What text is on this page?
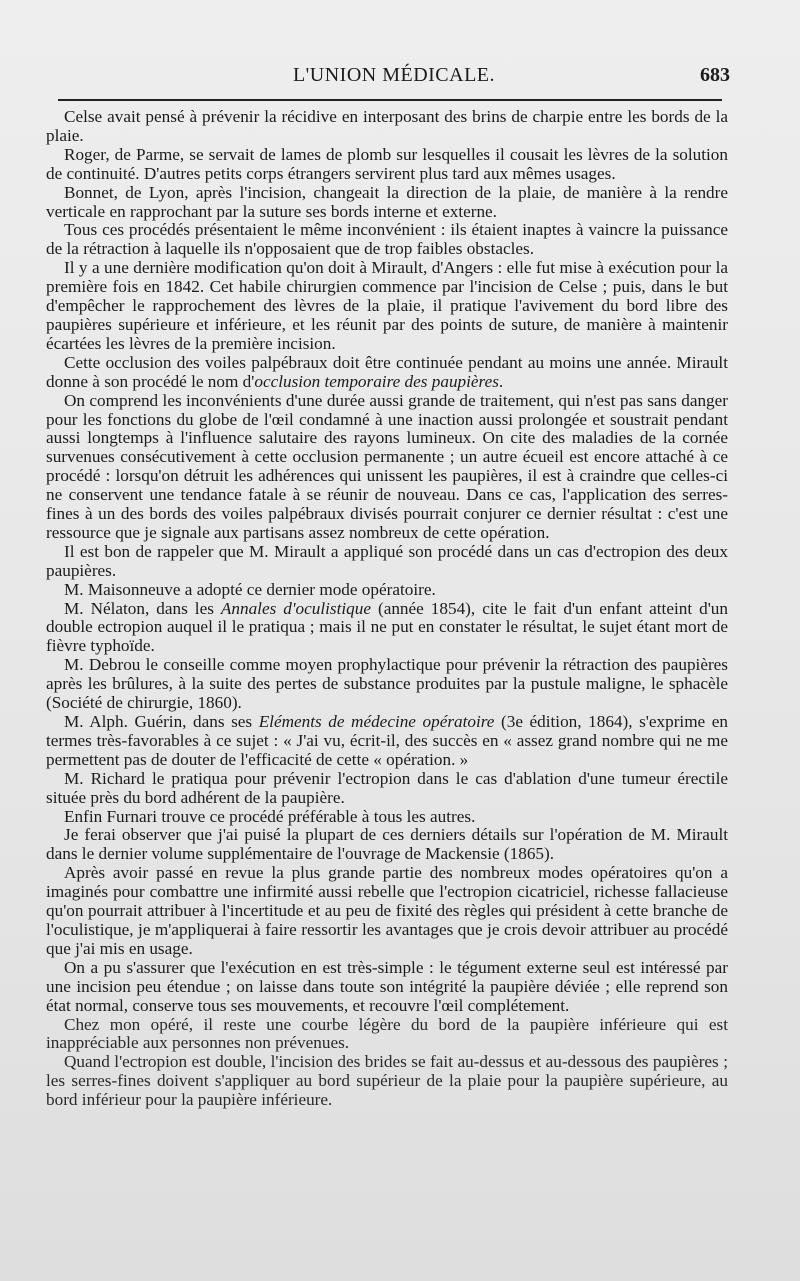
L'UNION MÉDICALE.	683

Celse avait pensé à prévenir la récidive en interposant des brins de charpie entre les bords de la plaie.

Roger, de Parme, se servait de lames de plomb sur lesquelles il cousait les lèvres de la solution de continuité. D'autres petits corps étrangers servirent plus tard aux mêmes usages.

Bonnet, de Lyon, après l'incision, changeait la direction de la plaie, de manière à la rendre verticale en rapprochant par la suture ses bords interne et externe.

Tous ces procédés présentaient le même inconvénient : ils étaient inaptes à vaincre la puissance de la rétraction à laquelle ils n'opposaient que de trop faibles obstacles.

Il y a une dernière modification qu'on doit à Mirault, d'Angers : elle fut mise à exécution pour la première fois en 1842. Cet habile chirurgien commence par l'incision de Celse ; puis, dans le but d'empêcher le rapprochement des lèvres de la plaie, il pratique l'avivement du bord libre des paupières supérieure et inférieure, et les réunit par des points de suture, de manière à maintenir écartées les lèvres de la première incision.

Cette occlusion des voiles palpébraux doit être continuée pendant au moins une année. Mirault donne à son procédé le nom d'occlusion temporaire des paupières.

On comprend les inconvénients d'une durée aussi grande de traitement, qui n'est pas sans danger pour les fonctions du globe de l'œil condamné à une inaction aussi prolongée et soustrait pendant aussi longtemps à l'influence salutaire des rayons lumineux. On cite des maladies de la cornée survenues consécutivement à cette occlusion permanente ; un autre écueil est encore attaché à ce procédé : lorsqu'on détruit les adhérences qui unissent les paupières, il est à craindre que celles-ci ne conservent une tendance fatale à se réunir de nouveau. Dans ce cas, l'application des serres-fines à un des bords des voiles palpébraux divisés pourrait conjurer ce dernier résultat : c'est une ressource que je signale aux partisans assez nombreux de cette opération.

Il est bon de rappeler que M. Mirault a appliqué son procédé dans un cas d'ectropion des deux paupières.

M. Maisonneuve a adopté ce dernier mode opératoire.

M. Nélaton, dans les Annales d'oculistique (année 1854), cite le fait d'un enfant atteint d'un double ectropion auquel il le pratiqua ; mais il ne put en constater le résultat, le sujet étant mort de fièvre typhoïde.

M. Debrou le conseille comme moyen prophylactique pour prévenir la rétraction des paupières après les brûlures, à la suite des pertes de substance produites par la pustule maligne, le sphacèle (Société de chirurgie, 1860).

M. Alph. Guérin, dans ses Eléments de médecine opératoire (3e édition, 1864), s'exprime en termes très-favorables à ce sujet : « J'ai vu, écrit-il, des succès en « assez grand nombre qui ne me permettent pas de douter de l'efficacité de cette « opération. »

M. Richard le pratiqua pour prévenir l'ectropion dans le cas d'ablation d'une tumeur érectile située près du bord adhérent de la paupière.

Enfin Furnari trouve ce procédé préférable à tous les autres.

Je ferai observer que j'ai puisé la plupart de ces derniers détails sur l'opération de M. Mirault dans le dernier volume supplémentaire de l'ouvrage de Mackensie (1865).

Après avoir passé en revue la plus grande partie des nombreux modes opératoires qu'on a imaginés pour combattre une infirmité aussi rebelle que l'ectropion cicatriciel, richesse fallacieuse qu'on pourrait attribuer à l'incertitude et au peu de fixité des règles qui président à cette branche de l'oculistique, je m'appliquerai à faire ressortir les avantages que je crois devoir attribuer au procédé que j'ai mis en usage.

On a pu s'assurer que l'exécution en est très-simple : le tégument externe seul est intéressé par une incision peu étendue ; on laisse dans toute son intégrité la paupière déviée ; elle reprend son état normal, conserve tous ses mouvements, et recouvre l'œil complétement.

Chez mon opéré, il reste une courbe légère du bord de la paupière inférieure qui est inappréciable aux personnes non prévenues.

Quand l'ectropion est double, l'incision des brides se fait au-dessus et au-dessous des paupières ; les serres-fines doivent s'appliquer au bord supérieur de la plaie pour la paupière supérieure, au bord inférieur pour la paupière inférieure.
